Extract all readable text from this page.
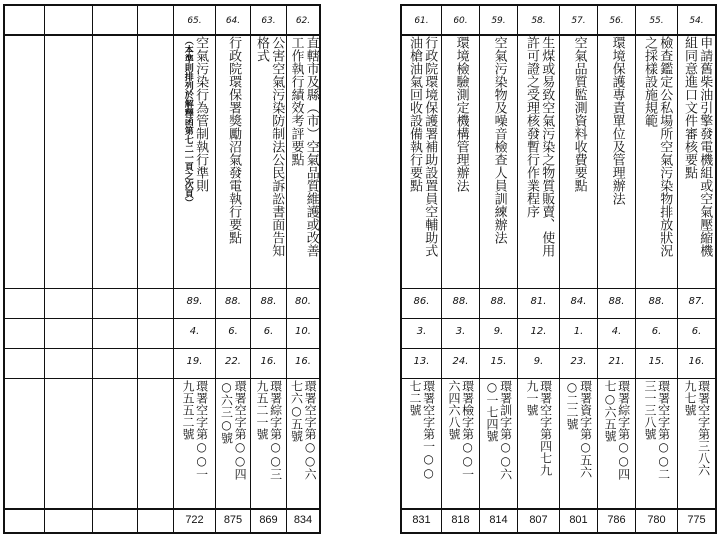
65.
空氣污染行為管制執行準則
（本準則排列於解釋函第七二一頁之次頁）
89.
4.
19.
環署空字第○○一
九五五二號
722
64.
行政院環保署獎勵沼氣發電執行要點
88.
6.
22.
環署空字第○○四
○六三○號
875
63.
公害空氣污染防制法公民訴訟書面告知
格式
88.
6.
16.
環署綜字第○○三
九五二一號
869
62.
直轄市及縣（市）空氣品質維護或改善
工作執行績效考評要點
80.
10.
16.
環署空字第○○六
七六○五號
834
61.
行政院環境保護署補助設置員空輔助式
油槍油氣回收設備執行要點
86.
3.
13.
環署空字第一○○
七二號
831
60.
環境檢驗測定機構管理辦法
88.
3.
24.
環署檢字第○○一
六四六八號
818
59.
空氣污染物及噪音檢查人員訓練辦法
88.
9.
15.
環署訓字第○○六
○一七四號
814
58.
生煤或易致空氣污染之物質販賣、使用
許可證之受理核發暫行作業程序
81.
12.
9.
環署空字第四七九
九一號
807
57.
空氣品質監測資料收費要點
84.
1.
23.
環署資字第○五六
○二二號
801
56.
環境保護專責單位及管理辦法
88.
4.
21.
環署綜字第○○四
七○六五號
786
55.
檢查鑑定公私場所空氣污染物排放狀況
之採樣設施規範
88.
6.
15.
環署空字第○○二
三一三八號
780
54.
申請舊柴油引擎發電機組或空氣壓縮機
組同意進口文件審核要點
87.
6.
16.
環署空字第三八六
九七號
775
